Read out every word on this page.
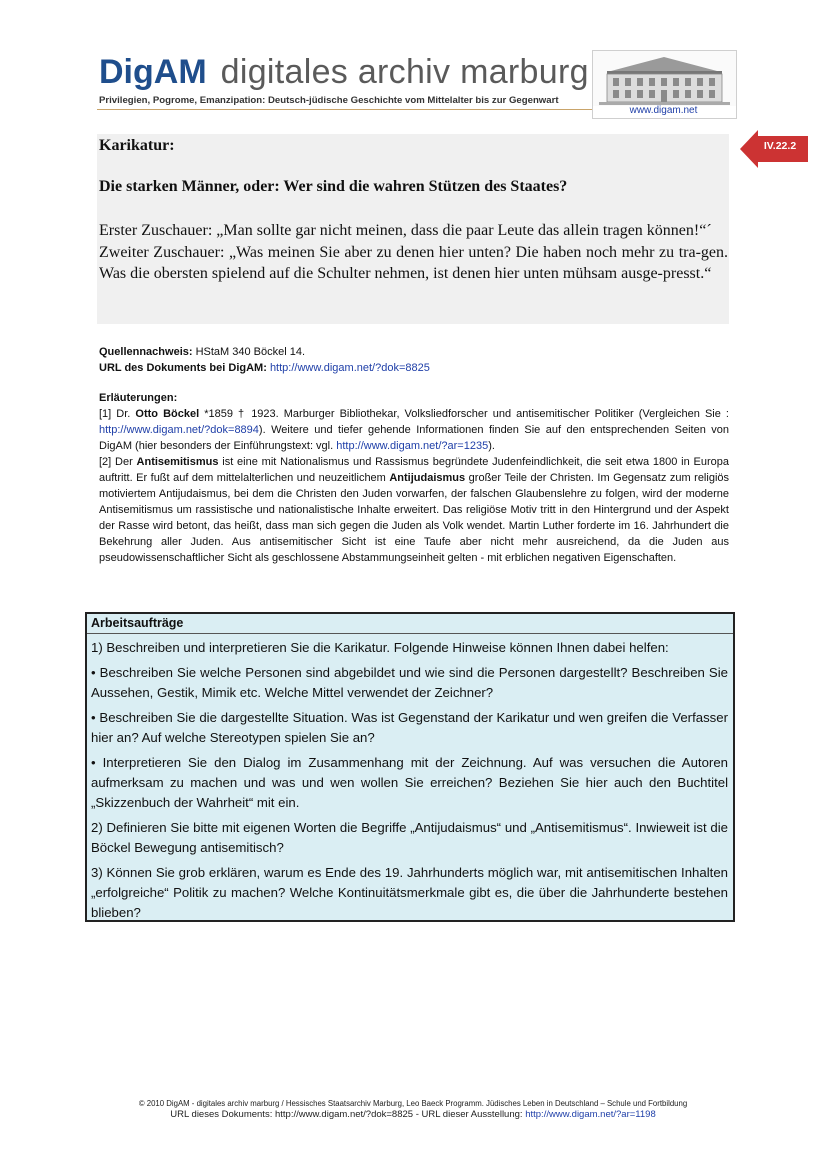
DigAM digitales archiv marburg
Privilegien, Pogrome, Emanzipation: Deutsch-jüdische Geschichte vom Mittelalter bis zur Gegenwart
www.digam.net
IV.22.2
Karikatur:
Die starken Männer, oder: Wer sind die wahren Stützen des Staates?

Erster Zuschauer: „Man sollte gar nicht meinen, dass die paar Leute das allein tragen können!“´

Zweiter Zuschauer: „Was meinen Sie aber zu denen hier unten? Die haben noch mehr zu tra-gen. Was die obersten spielend auf die Schulter nehmen, ist denen hier unten mühsam ausge-presst.“

Quellennachweis: HStaM 340 Böckel 14.
URL des Dokuments bei DigAM: http://www.digam.net/?dok=8825

Erläuterungen:

[1] Dr. Otto Böckel *1859 † 1923. Marburger Bibliothekar, Volksliedforscher und antisemitischer Politiker (Vergleichen Sie : http://www.digam.net/?dok=8894). Weitere und tiefer gehende Informationen finden Sie auf den entsprechenden Seiten von DigAM (hier besonders der Einführungstext: vgl. http://www.digam.net/?ar=1235).

[2] Der Antisemitismus ist eine mit Nationalismus und Rassismus begründete Judenfeindlichkeit, die seit etwa 1800 in Europa auftritt. Er fußt auf dem mittelalterlichen und neuzeitlichem Antijudaismus großer Teile der Christen. Im Gegensatz zum religiös motiviertem Antijudaismus, bei dem die Christen den Juden vorwarfen, der falschen Glaubenslehre zu folgen, wird der moderne Antisemitismus um rassistische und nationalistische Inhalte erweitert. Das religiöse Motiv tritt in den Hintergrund und der Aspekt der Rasse wird betont, das heißt, dass man sich gegen die Juden als Volk wendet. Martin Luther forderte im 16. Jahrhundert die Bekehrung aller Juden. Aus antisemitischer Sicht ist eine Taufe aber nicht mehr ausreichend, da die Juden aus pseudowissenschaftlicher Sicht als geschlossene Abstammungseinheit gelten - mit erblichen negativen Eigenschaften.

Arbeitsaufträge

1) Beschreiben und interpretieren Sie die Karikatur. Folgende Hinweise können Ihnen dabei helfen:

• Beschreiben Sie welche Personen sind abgebildet und wie sind die Personen dargestellt? Beschreiben Sie Aussehen, Gestik, Mimik etc. Welche Mittel verwendet der Zeichner?

• Beschreiben Sie die dargestellte Situation. Was ist Gegenstand der Karikatur und wen greifen die Verfasser hier an? Auf welche Stereotypen spielen Sie an?

• Interpretieren Sie den Dialog im Zusammenhang mit der Zeichnung. Auf was versuchen die Autoren aufmerksam zu machen und was und wen wollen Sie erreichen? Beziehen Sie hier auch den Buchtitel „Skizzenbuch der Wahrheit“ mit ein.

2) Definieren Sie bitte mit eigenen Worten die Begriffe „Antijudaismus“ und „Antisemitismus“. Inwieweit ist die Böckel Bewegung antisemitisch?

3) Können Sie grob erklären, warum es Ende des 19. Jahrhunderts möglich war, mit antisemitischen Inhalten „erfolgreiche“ Politik zu machen? Welche Kontinuitätsmerkmale gibt es, die über die Jahrhunderte bestehen blieben?

© 2010 DigAM - digitales archiv marburg / Hessisches Staatsarchiv Marburg, Leo Baeck Programm. Jüdisches Leben in Deutschland – Schule und Fortbildung
URL dieses Dokuments: http://www.digam.net/?dok=8825 - URL dieser Ausstellung: http://www.digam.net/?ar=1198
